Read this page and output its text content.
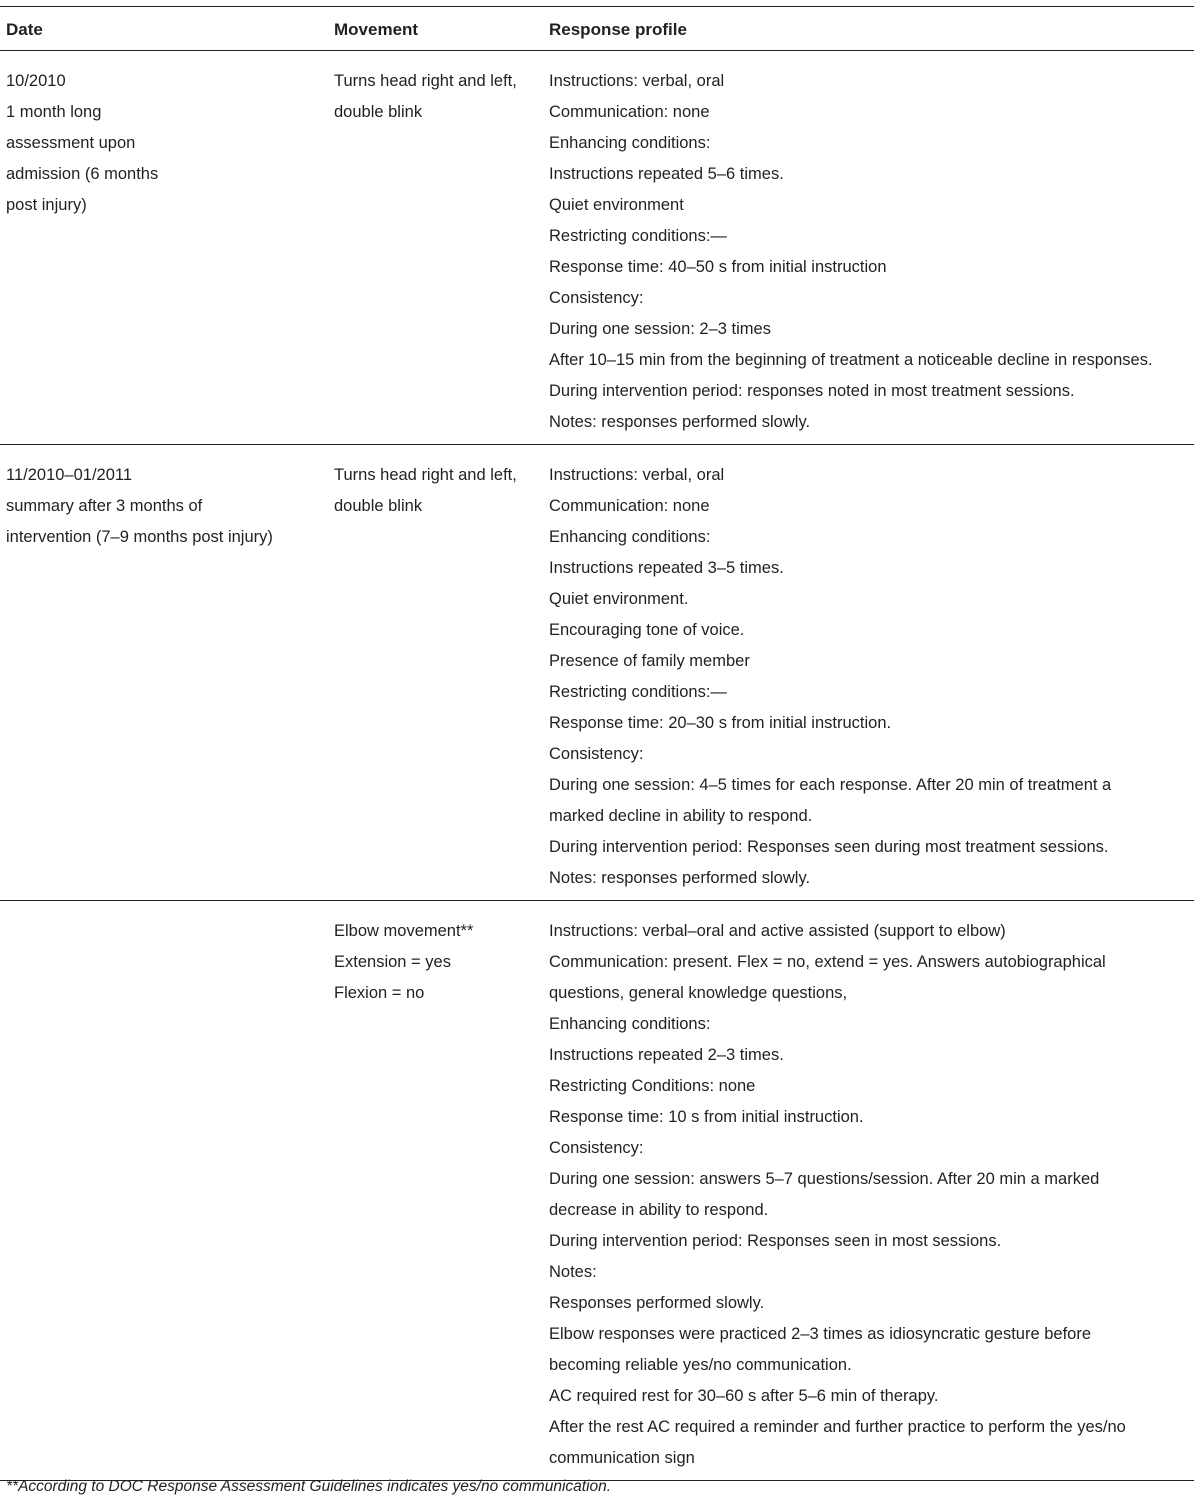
Date	Movement	Response profile
10/2010
1 month long
assessment upon
admission (6 months
post injury)
Turns head right and left,
double blink
Instructions: verbal, oral
Communication: none
Enhancing conditions:
Instructions repeated 5–6 times.
Quiet environment
Restricting conditions:—
Response time: 40–50 s from initial instruction
Consistency:
During one session: 2–3 times
After 10–15 min from the beginning of treatment a noticeable decline in responses.
During intervention period: responses noted in most treatment sessions.
Notes: responses performed slowly.
11/2010–01/2011
summary after 3 months of
intervention (7–9 months post injury)
Turns head right and left,
double blink
Instructions: verbal, oral
Communication: none
Enhancing conditions:
Instructions repeated 3–5 times.
Quiet environment.
Encouraging tone of voice.
Presence of family member
Restricting conditions:—
Response time: 20–30 s from initial instruction.
Consistency:
During one session: 4–5 times for each response. After 20 min of treatment a
marked decline in ability to respond.
During intervention period: Responses seen during most treatment sessions.
Notes: responses performed slowly.
Elbow movement**
Extension = yes
Flexion = no
Instructions: verbal–oral and active assisted (support to elbow)
Communication: present. Flex = no, extend = yes. Answers autobiographical
questions, general knowledge questions,
Enhancing conditions:
Instructions repeated 2–3 times.
Restricting Conditions: none
Response time: 10 s from initial instruction.
Consistency:
During one session: answers 5–7 questions/session. After 20 min a marked
decrease in ability to respond.
During intervention period: Responses seen in most sessions.
Notes:
Responses performed slowly.
Elbow responses were practiced 2–3 times as idiosyncratic gesture before
becoming reliable yes/no communication.
AC required rest for 30–60 s after 5–6 min of therapy.
After the rest AC required a reminder and further practice to perform the yes/no
communication sign
**According to DOC Response Assessment Guidelines indicates yes/no communication.
